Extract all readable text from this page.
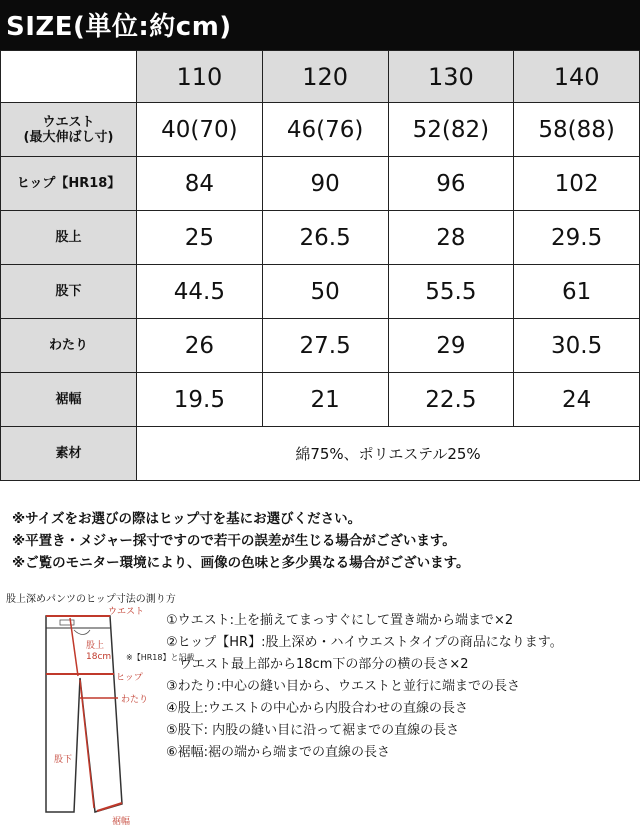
SIZE(単位:約cm)
	110	120	130	140
ウエスト
(最大伸ばし寸)	40(70)	46(76)	52(82)	58(88)
ヒップ【HR18】	84	90	96	102
股上	25	26.5	28	29.5
股下	44.5	50	55.5	61
わたり	26	27.5	29	30.5
裾幅	19.5	21	22.5	24
素材	綿75%、ポリエステル25%			
※サイズをお選びの際はヒップ寸を基にお選びください。
※平置き・メジャー採寸ですので若干の誤差が生じる場合がございます。
※ご覧のモニター環境により、画像の色味と多少異なる場合がございます。
股上深めパンツのヒップ寸法の測り方
ウエスト
股上 18cm ※【HR18】と記載
ヒップ
わたり
股下
裾幅
①ウエスト:上を揃えてまっすぐにして置き端から端まで×2
②ヒップ【HR】:股上深め・ハイウエストタイプの商品になります。
　ウエスト最上部から18cm下の部分の横の長さ×2
③わたり:中心の縫い目から、ウエストと並行に端までの長さ
④股上:ウエストの中心から内股合わせの直線の長さ
⑤股下: 内股の縫い目に沿って裾までの直線の長さ
⑥裾幅:裾の端から端までの直線の長さ
